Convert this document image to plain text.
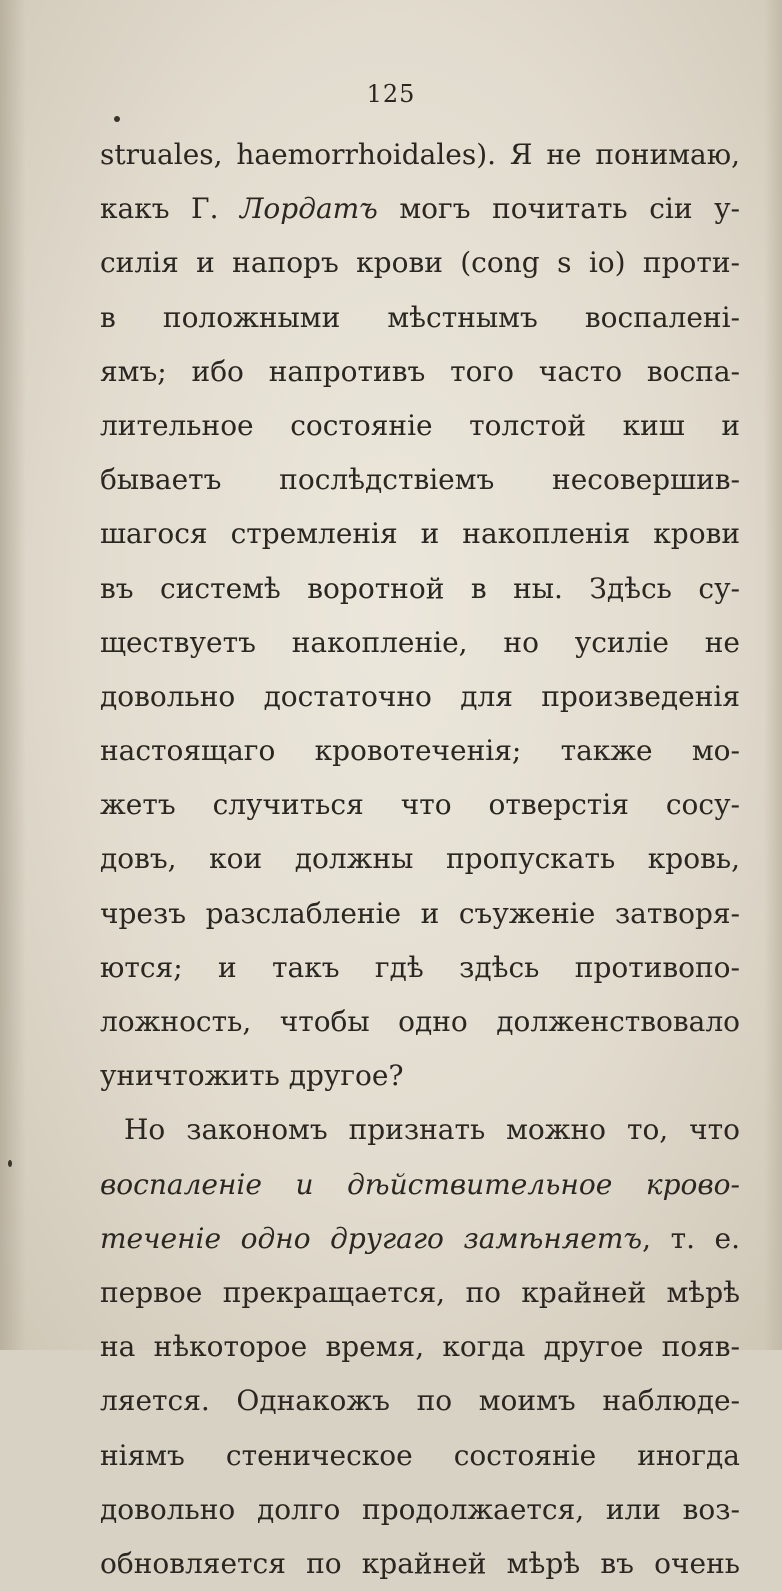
125
struales, haemorrhoidales). Я не понимаю,
какъ Г. Лордатъ могъ почитать сіи у-
силія и напоръ крови (cong s io) проти-
в положными мѣстнымъ воспалені-
ямъ; ибо напротивъ того часто воспа-
лительное состояніе толстой киш и
бываетъ послѣдствіемъ несовершив-
шагося стремленія и накопленія крови
въ системѣ воротной в ны. Здѣсь су-
ществуетъ накопленіе, но усиліе не
довольно достаточно для произведенія
настоящаго кровотеченія; также мо-
жетъ случиться что отверстія сосу-
довъ, кои должны пропускать кровь,
чрезъ разслабленіе и съуженіе затворя-
ются; и такъ гдѣ здѣсь противопо-
ложность, чтобы одно долженствовало
уничтожить другое?
Но закономъ признать можно то, что
воспаленіе и дѣйствительное крово-
теченіе одно другаго замѣняетъ, т. е.
первое прекращается, по крайней мѣрѣ
на нѣкоторое время, когда другое появ-
ляется. Однакожъ по моимъ наблюде-
ніямъ стеническое состояніе иногда
довольно долго продолжается, или воз-
обновляется по крайней мѣрѣ въ очень
